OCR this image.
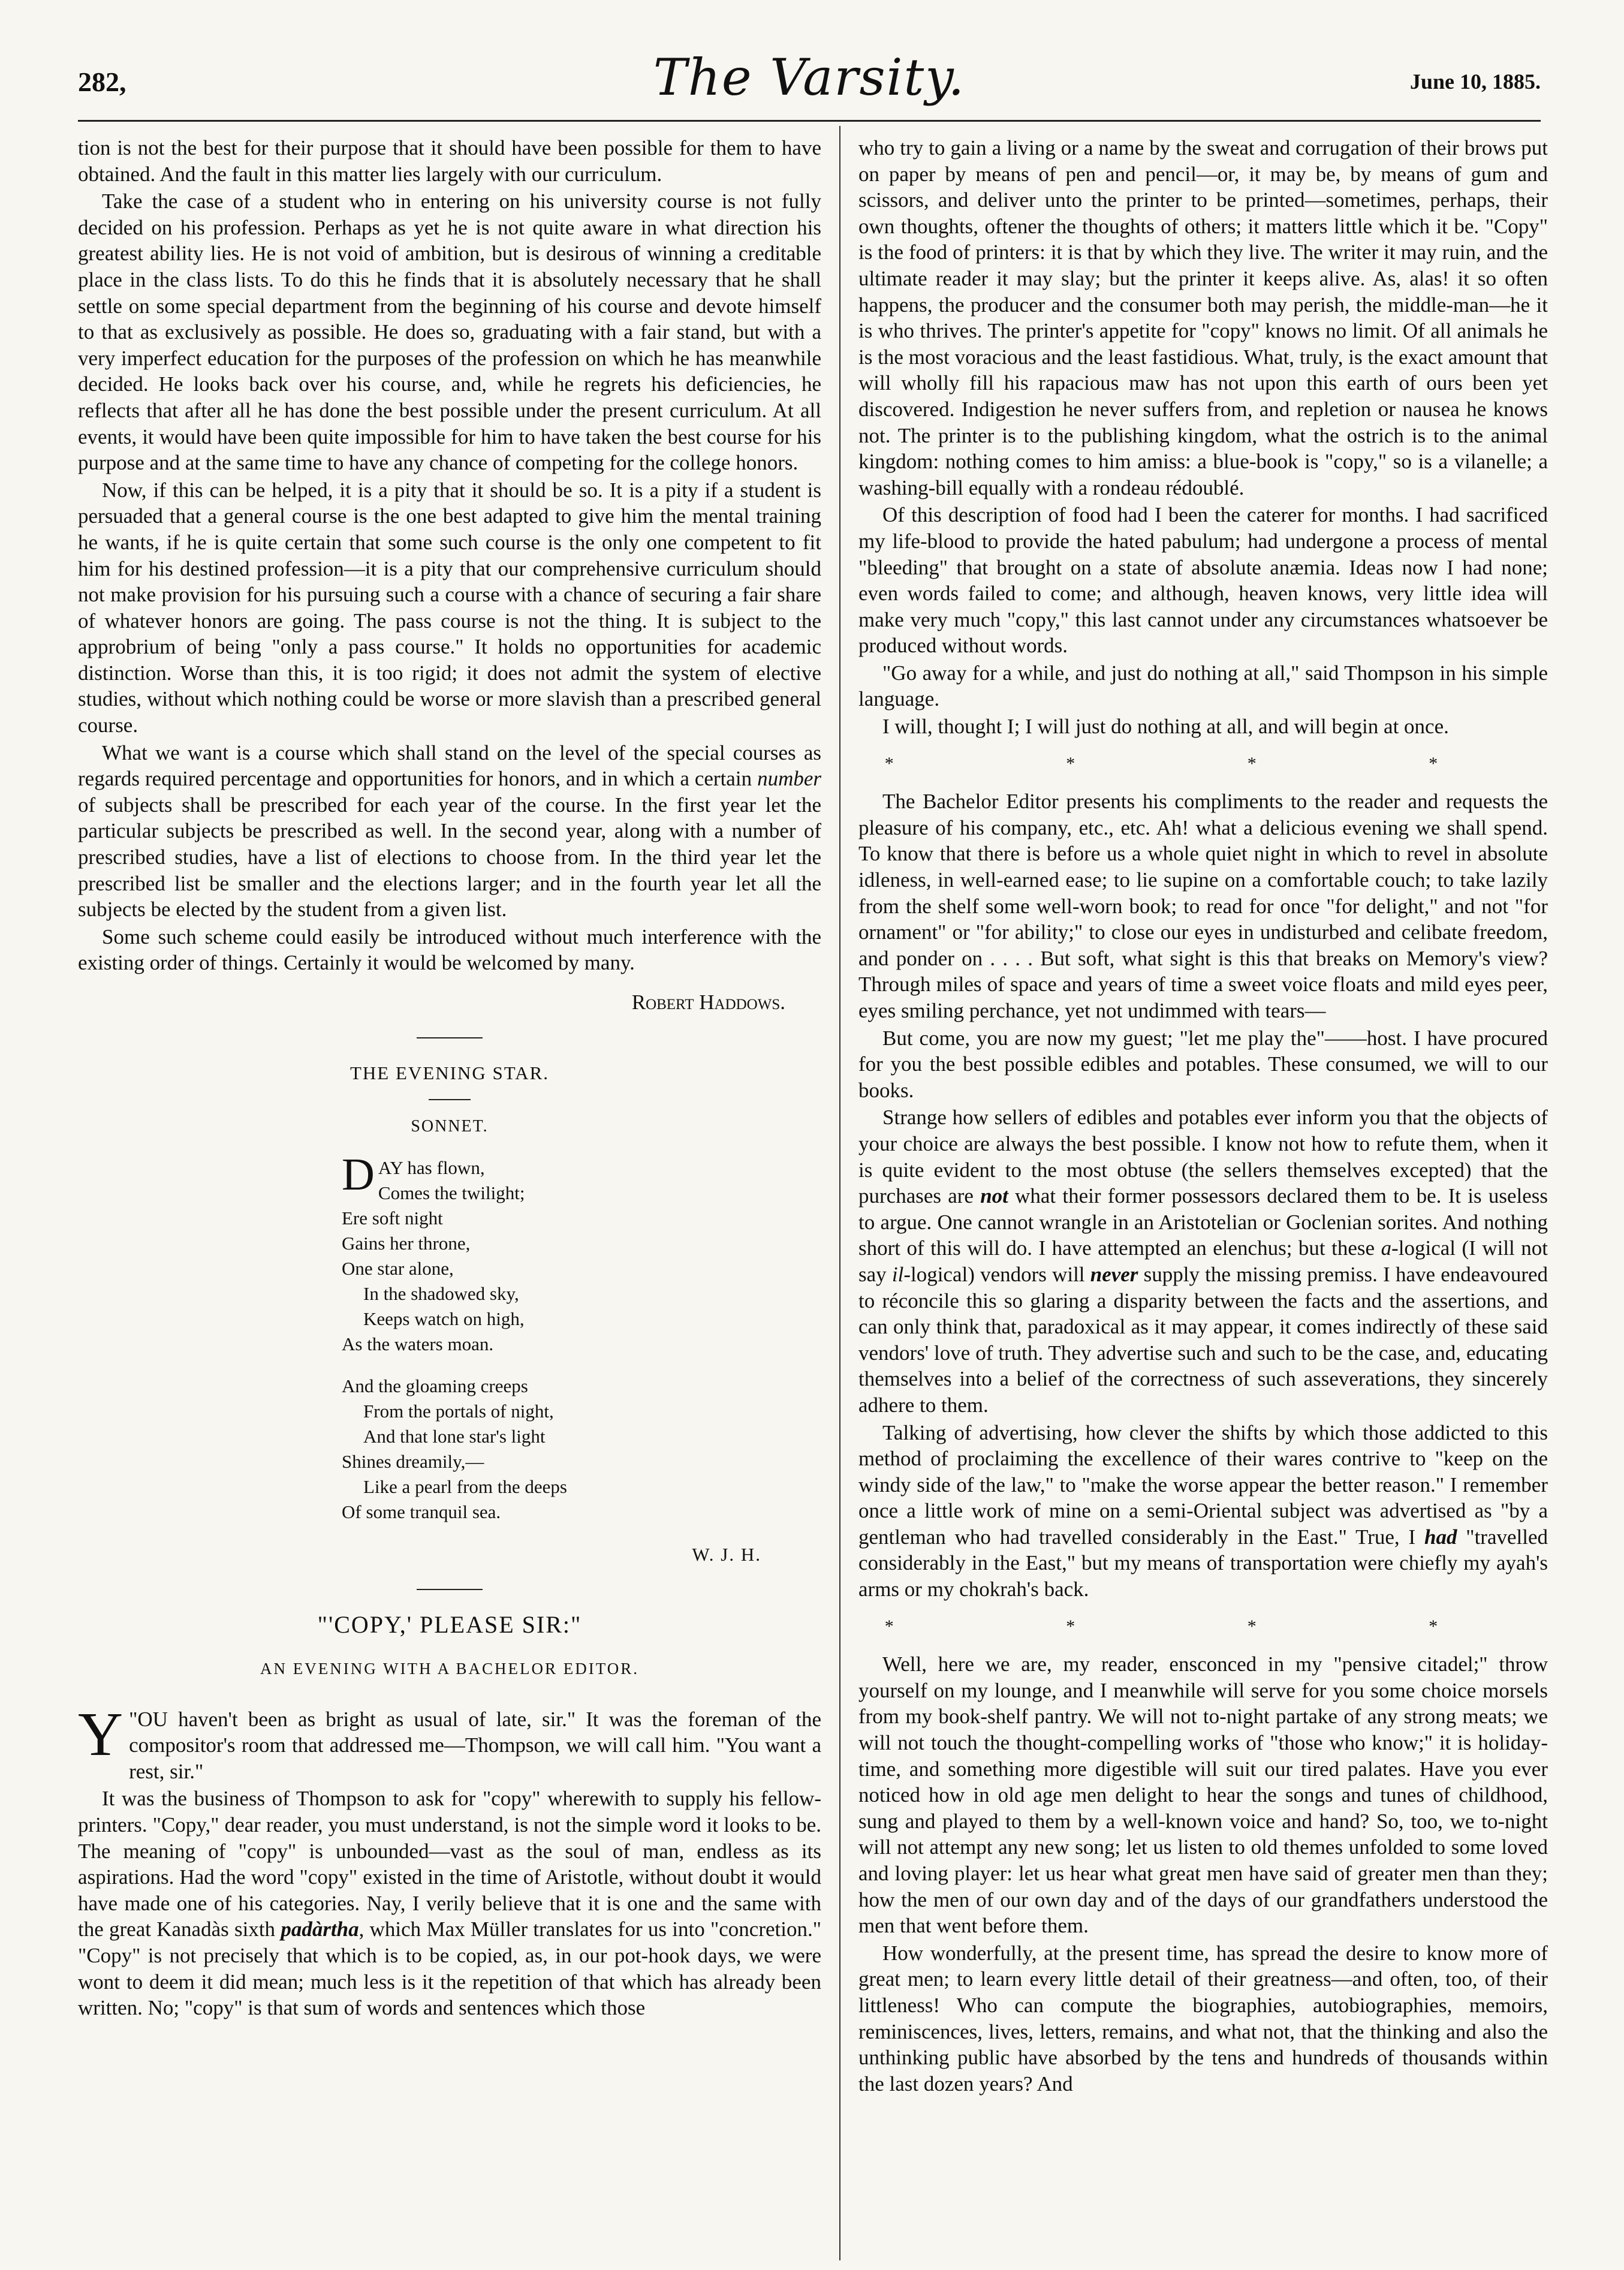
282,	The Varsity.	June 10, 1885.

tion is not the best for their purpose that it should have been possible for them to have obtained. And the fault in this matter lies largely with our curriculum.

Take the case of a student who in entering on his university course is not fully decided on his profession. Perhaps as yet he is not quite aware in what direction his greatest ability lies. He is not void of ambition, but is desirous of winning a creditable place in the class lists. To do this he finds that it is absolutely necessary that he shall settle on some special department from the beginning of his course and devote himself to that as exclusively as possible. He does so, graduating with a fair stand, but with a very imperfect education for the purposes of the profession on which he has meanwhile decided. He looks back over his course, and, while he regrets his deficiencies, he reflects that after all he has done the best possible under the present curriculum. At all events, it would have been quite impossible for him to have taken the best course for his purpose and at the same time to have any chance of competing for the college honors.

Now, if this can be helped, it is a pity that it should be so. It is a pity if a student is persuaded that a general course is the one best adapted to give him the mental training he wants, if he is quite certain that some such course is the only one competent to fit him for his destined profession—it is a pity that our comprehensive curriculum should not make provision for his pursuing such a course with a chance of securing a fair share of whatever honors are going. The pass course is not the thing. It is subject to the approbrium of being "only a pass course." It holds no opportunities for academic distinction. Worse than this, it is too rigid; it does not admit the system of elective studies, without which nothing could be worse or more slavish than a prescribed general course.

What we want is a course which shall stand on the level of the special courses as regards required percentage and opportunities for honors, and in which a certain number of subjects shall be prescribed for each year of the course. In the first year let the particular subjects be prescribed as well. In the second year, along with a number of prescribed studies, have a list of elections to choose from. In the third year let the prescribed list be smaller and the elections larger; and in the fourth year let all the subjects be elected by the student from a given list.

Some such scheme could easily be introduced without much interference with the existing order of things. Certainly it would be welcomed by many.

Robert Haddows.
THE EVENING STAR.
SONNET.
DAY has flown,
Comes the twilight;
Ere soft night
Gains her throne,
One star alone,
In the shadowed sky,
Keeps watch on high,
As the waters moan.
And the gloaming creeps
From the portals of night,
And that lone star's light
Shines dreamily,—
Like a pearl from the deeps
Of some tranquil sea.
W. J. H.
"'COPY,' PLEASE SIR:"
AN EVENING WITH A BACHELOR EDITOR.

"
Y OU haven't been as bright as usual of late, sir." It was the foreman of the compositor's room that addressed me—Thompson, we will call him. "You want a rest, sir."

It was the business of Thompson to ask for "copy" wherewith to supply his fellow-printers. "Copy," dear reader, you must understand, is not the simple word it looks to be. The meaning of "copy" is unbounded—vast as the soul of man, endless as its aspirations. Had the word "copy" existed in the time of Aristotle, without doubt it would have made one of his categories. Nay, I verily believe that it is one and the same with the great Kanadàs sixth padàrtha, which Max Müller translates for us into "concretion." "Copy" is not precisely that which is to be copied, as, in our pot-hook days, we were wont to deem it did mean; much less is it the repetition of that which has already been written. No; "copy" is that sum of words and sentences which those

who try to gain a living or a name by the sweat and corrugation of their brows put on paper by means of pen and pencil—or, it may be, by means of gum and scissors, and deliver unto the printer to be printed—sometimes, perhaps, their own thoughts, oftener the thoughts of others; it matters little which it be. "Copy" is the food of printers: it is that by which they live. The writer it may ruin, and the ultimate reader it may slay; but the printer it keeps alive. As, alas! it so often happens, the producer and the consumer both may perish, the middle-man—he it is who thrives. The printer's appetite for "copy" knows no limit. Of all animals he is the most voracious and the least fastidious. What, truly, is the exact amount that will wholly fill his rapacious maw has not upon this earth of ours been yet discovered. Indigestion he never suffers from, and repletion or nausea he knows not. The printer is to the publishing kingdom, what the ostrich is to the animal kingdom: nothing comes to him amiss: a blue-book is "copy," so is a vilanelle; a washing-bill equally with a rondeau rédoublé.

Of this description of food had I been the caterer for months. I had sacrificed my life-blood to provide the hated pabulum; had undergone a process of mental "bleeding" that brought on a state of absolute anæmia. Ideas now I had none; even words failed to come; and although, heaven knows, very little idea will make very much "copy," this last cannot under any circumstances whatsoever be produced without words.

"Go away for a while, and just do nothing at all," said Thompson in his simple language.

I will, thought I; I will just do nothing at all, and will begin at once.

* * * *

The Bachelor Editor presents his compliments to the reader and requests the pleasure of his company, etc., etc. Ah! what a delicious evening we shall spend. To know that there is before us a whole quiet night in which to revel in absolute idleness, in well-earned ease; to lie supine on a comfortable couch; to take lazily from the shelf some well-worn book; to read for once "for delight," and not "for ornament" or "for ability;" to close our eyes in undisturbed and celibate freedom, and ponder on . . . . But soft, what sight is this that breaks on Memory's view? Through miles of space and years of time a sweet voice floats and mild eyes peer, eyes smiling perchance, yet not undimmed with tears—

But come, you are now my guest; "let me play the"——host. I have procured for you the best possible edibles and potables. These consumed, we will to our books.

Strange how sellers of edibles and potables ever inform you that the objects of your choice are always the best possible. I know not how to refute them, when it is quite evident to the most obtuse (the sellers themselves excepted) that the purchases are not what their former possessors declared them to be. It is useless to argue. One cannot wrangle in an Aristotelian or Goclenian sorites. And nothing short of this will do. I have attempted an elenchus; but these a-logical (I will not say il-logical) vendors will never supply the missing premiss. I have endeavoured to réconcile this so glaring a disparity between the facts and the assertions, and can only think that, paradoxical as it may appear, it comes indirectly of these said vendors' love of truth. They advertise such and such to be the case, and, educating themselves into a belief of the correctness of such asseverations, they sincerely adhere to them.

Talking of advertising, how clever the shifts by which those addicted to this method of proclaiming the excellence of their wares contrive to "keep on the windy side of the law," to "make the worse appear the better reason." I remember once a little work of mine on a semi-Oriental subject was advertised as "by a gentleman who had travelled considerably in the East." True, I had "travelled considerably in the East," but my means of transportation were chiefly my ayah's arms or my chokrah's back.

* * * *

Well, here we are, my reader, ensconced in my "pensive citadel;" throw yourself on my lounge, and I meanwhile will serve for you some choice morsels from my book-shelf pantry. We will not to-night partake of any strong meats; we will not touch the thought-compelling works of "those who know;" it is holiday-time, and something more digestible will suit our tired palates. Have you ever noticed how in old age men delight to hear the songs and tunes of childhood, sung and played to them by a well-known voice and hand? So, too, we to-night will not attempt any new song; let us listen to old themes unfolded to some loved and loving player: let us hear what great men have said of greater men than they; how the men of our own day and of the days of our grandfathers understood the men that went before them.

How wonderfully, at the present time, has spread the desire to know more of great men; to learn every little detail of their greatness—and often, too, of their littleness! Who can compute the biographies, autobiographies, memoirs, reminiscences, lives, letters, remains, and what not, that the thinking and also the unthinking public have absorbed by the tens and hundreds of thousands within the last dozen years? And
